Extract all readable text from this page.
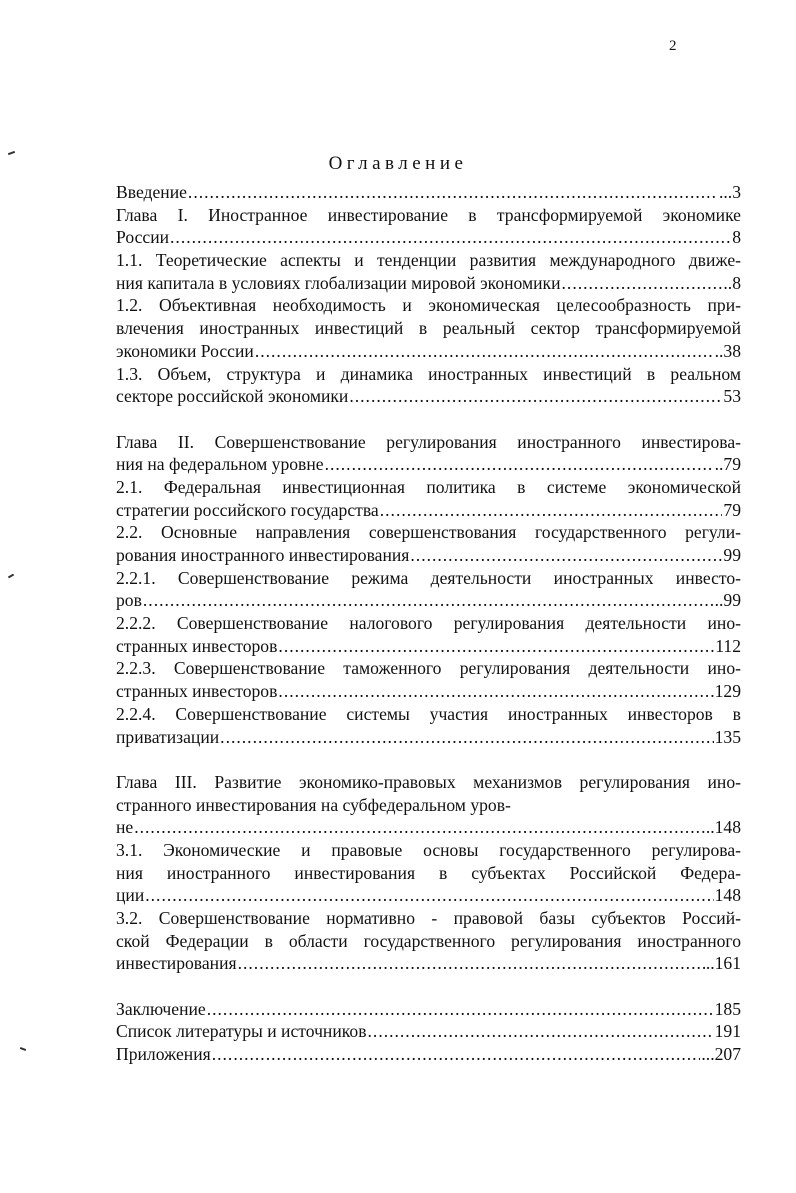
2
Оглавление
Введение .....	...3
Глава I. Иностранное инвестирование в трансформируемой экономике
России .....	8
1.1. Теоретические аспекты и тенденции развития международного движе-
ния капитала в условиях глобализации мировой экономики .....	..8
1.2. Объективная необходимость и экономическая целесообразность при-
влечения иностранных инвестиций в реальный сектор трансформируемой
экономики России .....	..38
1.3. Объем, структура и динамика иностранных инвестиций в реальном
секторе российской экономики .....	53
Глава II. Совершенствование регулирования иностранного инвестирова-
ния на федеральном уровне .....	..79
2.1. Федеральная инвестиционная политика в системе экономической
стратегии российского государства .....	79
2.2. Основные направления совершенствования государственного регули-
рования иностранного инвестирования .....	99
2.2.1. Совершенствование режима деятельности иностранных инвесто-
ров .....	..99
2.2.2. Совершенствование налогового регулирования деятельности ино-
странных инвесторов .....	112
2.2.3. Совершенствование таможенного регулирования деятельности ино-
странных инвесторов .....	129
2.2.4. Совершенствование системы участия иностранных инвесторов в
приватизации .....	135
Глава III. Развитие экономико-правовых механизмов регулирования ино-
странного инвестирования на субфедеральном уров-
не .....	..148
3.1. Экономические и правовые основы государственного регулирова-
ния иностранного инвестирования в субъектах Российской Федера-
ции .....	148
3.2. Совершенствование нормативно - правовой базы субъектов Россий-
ской Федерации в области государственного регулирования иностранного
инвестирования .....	..161
Заключение .....	185
Список литературы и источников .....	191
Приложения .....	...207
